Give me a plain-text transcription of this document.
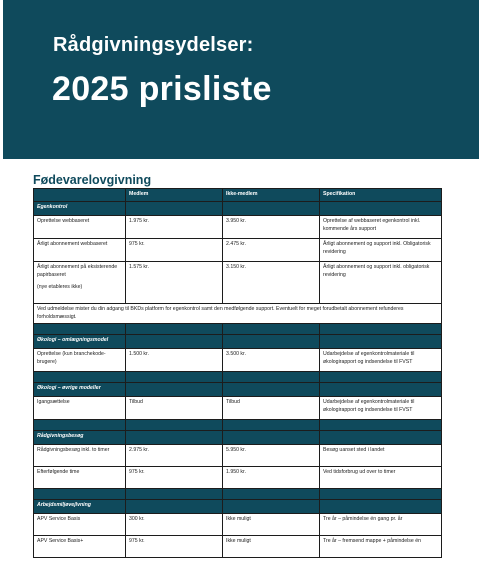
Rådgivningsydelser:
2025 prisliste
Fødevarelovgivning
	Medlem	Ikke-medlem	Specifikation
Egenkontrol			
Oprettelse webbaseret	1.975 kr.	3.950 kr.	Oprettelse af webbaseret egenkontrol inkl. kommende års support
Årligt abonnement webbaseret	975 kr.	2.475 kr.	Årligt abonnement og support inkl. Obligatorisk revidering

Årligt abonnement på eksisterende papirbaseret
(nye etableres ikke)	1.575 kr.	3.150 kr.	Årligt abonnement og support inkl. obligatorisk revidering
Ved udmeldelse mister du din adgang til BKDs platform for egenkontrol samt den medfølgende support. Eventuelt for meget forudbetalt abonnement refunderes forholdsmæssigt.			

Økologi – omlægningsmodel			
Oprettelse (kun branchekode-brugere)	1.500 kr.	3.500 kr.	Udarbejdelse af egenkontrolmateriale til økologirapport og indsendelse til FVST

Økologi – øvrige modeller			
Igangsættelse	Tilbud	Tilbud	Udarbejdelse af egenkontrolmateriale til økologirapport og indsendelse til FVST

Rådgivningsbesøg			
Rådgivningsbesøg inkl. to timer	2.975 kr.	5.950 kr.	Besøg uanset sted i landet
Efterfølgende time	975 kr.	1.950 kr.	Ved tidsforbrug ud over to timer

Arbejdsmiljøvejlvning			
APV Service Basis	300 kr.	Ikke muligt	Tre år – påmindelse én gang pr. år
APV Service Basis+	975 kr.	Ikke muligt	Tre år – fremsend mappe + påmindelse én
